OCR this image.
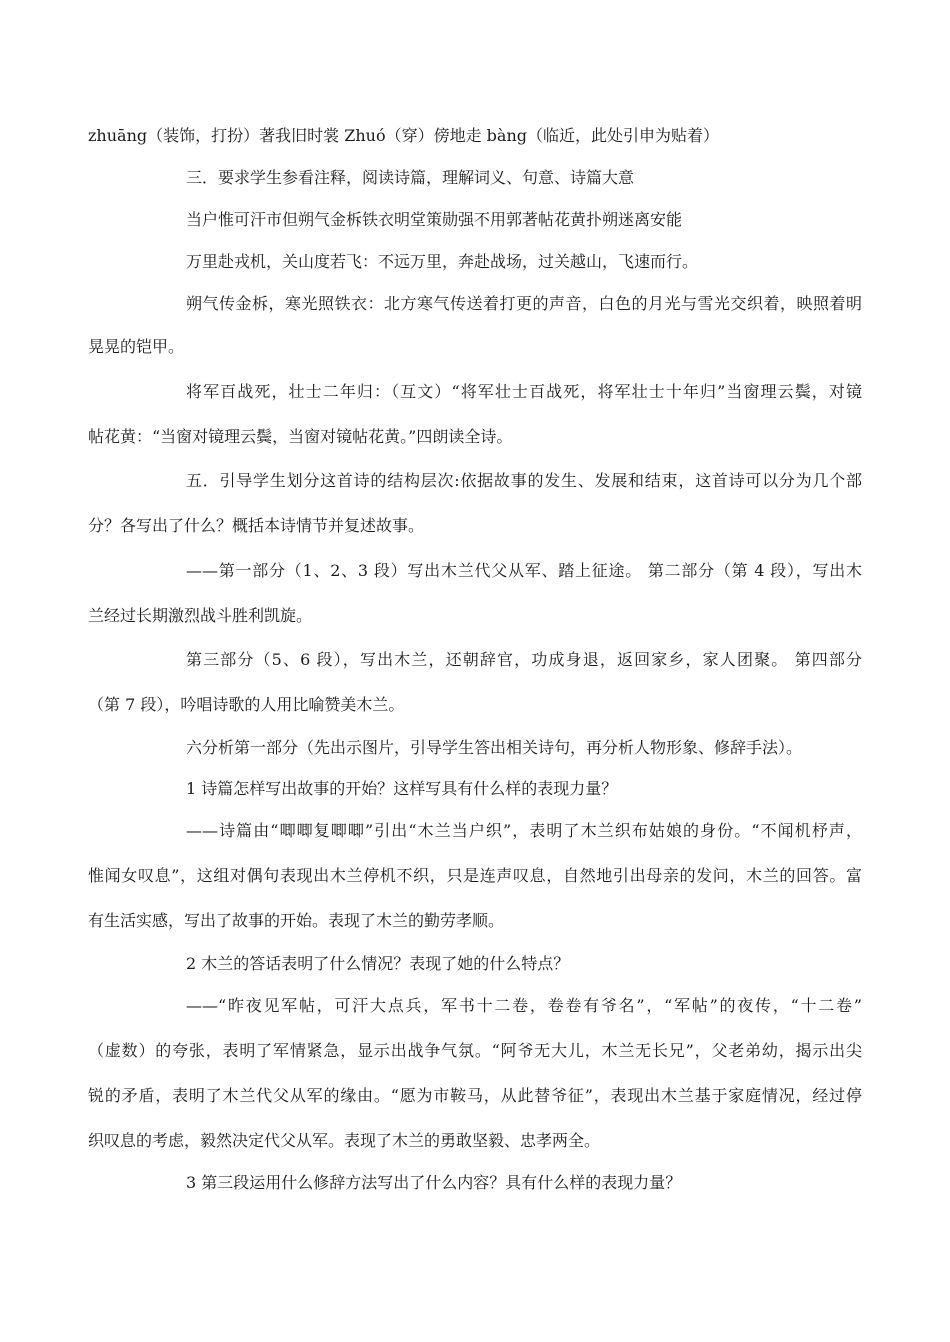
zhuāng（装饰，打扮）著我旧时裳 Zhuó（穿）傍地走 bàng（临近，此处引申为贴着）
三．要求学生参看注释，阅读诗篇，理解词义、句意、诗篇大意
当户惟可汗市但朔气金柝铁衣明堂策勋强不用郭著帖花黄扑朔迷离安能
万里赴戎机，关山度若飞：不远万里，奔赴战场，过关越山，飞速而行。
朔气传金柝，寒光照铁衣：北方寒气传送着打更的声音，白色的月光与雪光交织着，映照着明
晃晃的铠甲。
将军百战死，壮士二年归：（互文）“将军壮士百战死，将军壮士十年归”当窗理云鬓，对镜
帖花黄：“当窗对镜理云鬓，当窗对镜帖花黄。”四朗读全诗。
五．引导学生划分这首诗的结构层次:依据故事的发生、发展和结束，这首诗可以分为几个部
分？各写出了什么？概括本诗情节并复述故事。
——第一部分（1、2、3 段）写出木兰代父从军、踏上征途。 第二部分（第 4 段），写出木
兰经过长期激烈战斗胜利凯旋。
第三部分（5、6 段），写出木兰，还朝辞官，功成身退，返回家乡，家人团聚。 第四部分
（第 7 段），吟唱诗歌的人用比喻赞美木兰。
六分析第一部分（先出示图片，引导学生答出相关诗句，再分析人物形象、修辞手法）。
1 诗篇怎样写出故事的开始？这样写具有什么样的表现力量？
——诗篇由“唧唧复唧唧”引出“木兰当户织”，表明了木兰织布姑娘的身份。“不闻机杼声，
惟闻女叹息”，这组对偶句表现出木兰停机不织，只是连声叹息，自然地引出母亲的发问，木兰的回答。富
有生活实感，写出了故事的开始。表现了木兰的勤劳孝顺。
2 木兰的答话表明了什么情况？表现了她的什么特点？
——“昨夜见军帖，可汗大点兵，军书十二卷，卷卷有爷名”，“军帖”的夜传，“十二卷”
（虚数）的夸张，表明了军情紧急，显示出战争气氛。“阿爷无大儿，木兰无长兄”，父老弟幼，揭示出尖
锐的矛盾，表明了木兰代父从军的缘由。“愿为市鞍马，从此替爷征”，表现出木兰基于家庭情况，经过停
织叹息的考虑，毅然决定代父从军。表现了木兰的勇敢坚毅、忠孝两全。
3 第三段运用什么修辞方法写出了什么内容？具有什么样的表现力量？
